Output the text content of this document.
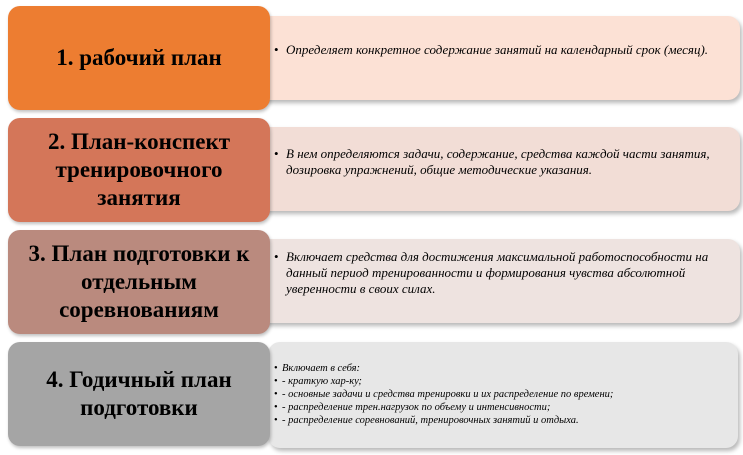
1. рабочий план	• Определяет конкретное содержание занятий на календарный срок (месяц).
2. План-конспект тренировочного занятия
• В нем определяются задачи, содержание, средства каждой части занятия, дозировка упражнений, общие методические указания.
3. План подготовки к отдельным соревнованиям
• Включает средства для достижения максимальной работоспособности на данный период тренированности и формирования чувства абсолютной уверенности в своих силах.
4. Годичный план подготовки
• Включает в себя:
• - краткую хар-ку;
• - основные задачи и средства тренировки и их распределение по времени;
• - распределение трен.нагрузок по объему и интенсивности;
• - распределение соревнований, тренировочных занятий и отдыха.
